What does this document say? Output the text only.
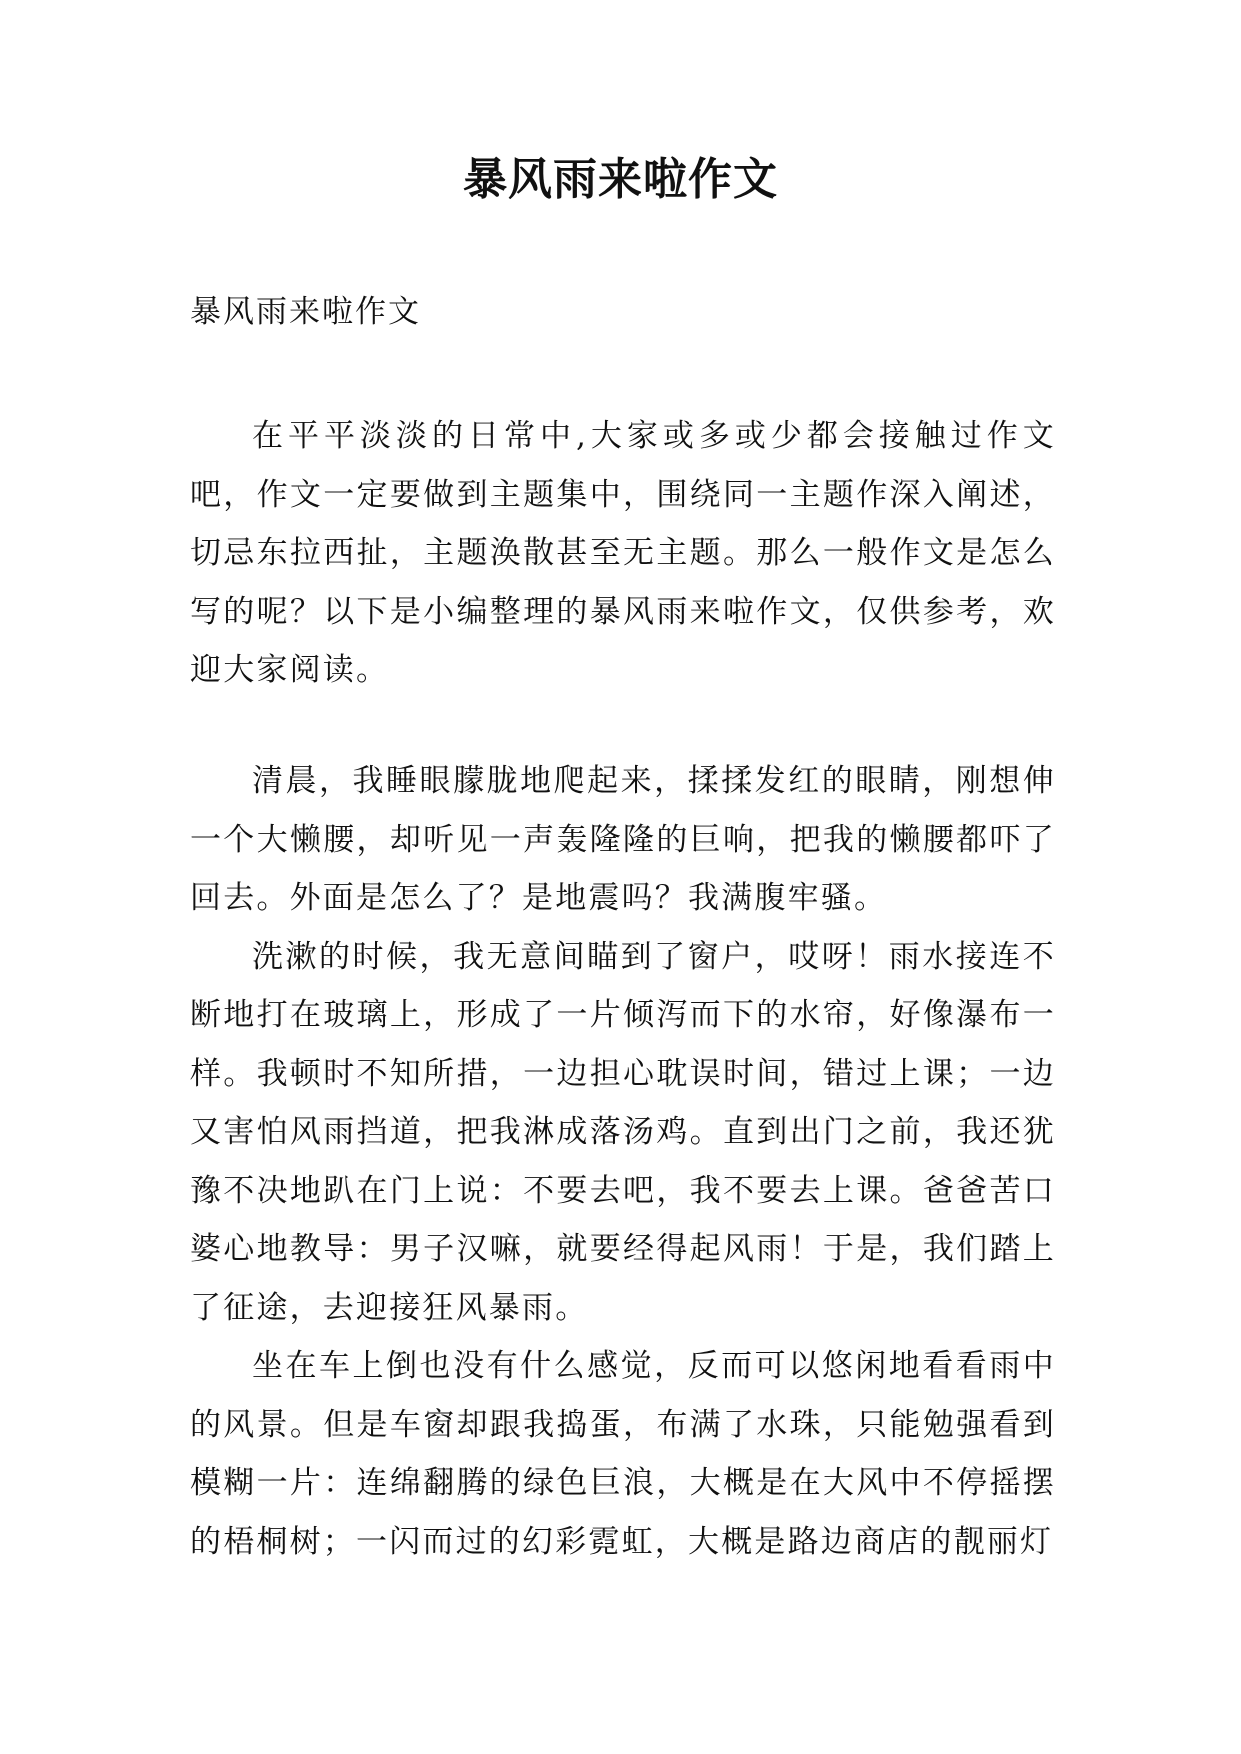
暴风雨来啦作文
暴风雨来啦作文

在平平淡淡的日常中,大家或多或少都会接触过作文吧，作文一定要做到主题集中，围绕同一主题作深入阐述，切忌东拉西扯，主题涣散甚至无主题。那么一般作文是怎么写的呢？以下是小编整理的暴风雨来啦作文，仅供参考，欢迎大家阅读。

清晨，我睡眼朦胧地爬起来，揉揉发红的眼睛，刚想伸一个大懒腰，却听见一声轰隆隆的巨响，把我的懒腰都吓了回去。外面是怎么了？是地震吗？我满腹牢骚。

洗漱的时候，我无意间瞄到了窗户，哎呀！雨水接连不断地打在玻璃上，形成了一片倾泻而下的水帘，好像瀑布一样。我顿时不知所措，一边担心耽误时间，错过上课；一边又害怕风雨挡道，把我淋成落汤鸡。直到出门之前，我还犹豫不决地趴在门上说：不要去吧，我不要去上课。爸爸苦口婆心地教导：男子汉嘛，就要经得起风雨！于是，我们踏上了征途，去迎接狂风暴雨。

坐在车上倒也没有什么感觉，反而可以悠闲地看看雨中的风景。但是车窗却跟我捣蛋，布满了水珠，只能勉强看到模糊一片：连绵翻腾的绿色巨浪，大概是在大风中不停摇摆的梧桐树；一闪而过的幻彩霓虹，大概是路边商店的靓丽灯
